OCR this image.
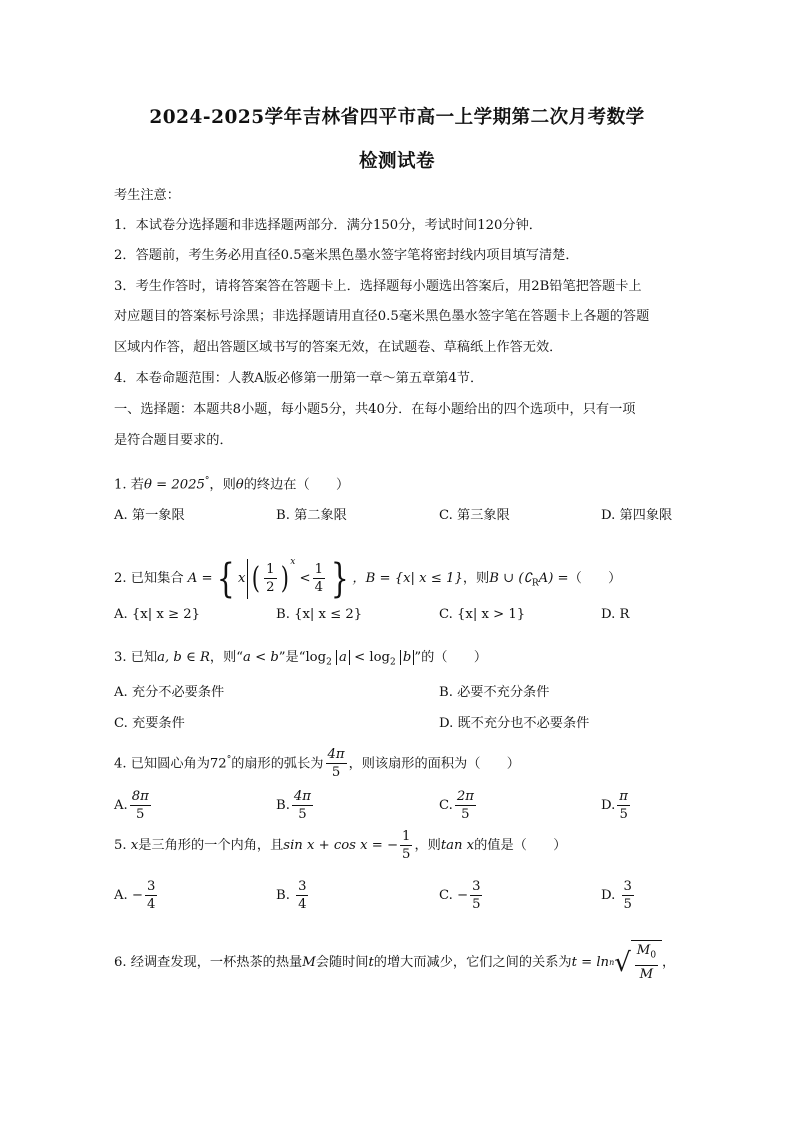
2024-2025学年吉林省四平市高一上学期第二次月考数学
检测试卷
考生注意：
1．本试卷分选择题和非选择题两部分．满分150分，考试时间120分钟．
2．答题前，考生务必用直径0.5毫米黑色墨水签字笔将密封线内项目填写清楚．
3．考生作答时，请将答案答在答题卡上．选择题每小题选出答案后，用2B铅笔把答题卡上
对应题目的答案标号涂黑；非选择题请用直径0.5毫米黑色墨水签字笔在答题卡上各题的答题
区域内作答，超出答题区域书写的答案无效，在试题卷、草稿纸上作答无效．
4．本卷命题范围：人教A版必修第一册第一章～第五章第4节．
一、选择题：本题共8小题，每小题5分，共40分．在每小题给出的四个选项中，只有一项
是符合题目要求的．
1. 若θ = 2025°，则θ的终边在（　　）
A. 第一象限	B. 第二象限	C. 第三象限	D. 第四象限
2. 已知集合 A ={ x ( $\frac{1}{2}$ ) $^x < \frac{1}{4}$ } ，B = {x| x ≤ 1}，则B ∪ $(∁_RA)$ =（　　）
A. {x| x ≥ 2}	B. {x| x ≤ 2}	C. {x| x > 1}	D. R
3. 已知a, b ∈ R，则“a < b”是“$\log_2$ $a < \log_2 b$ ”的（　　）
A. 充分不必要条件	B. 必要不充分条件
C. 充要条件	D. 既不充分也不必要条件
4. 已知圆心角为72°的扇形的弧长为 $\frac{4\pi}{5}$ ，则该扇形的面积为（　　）
A. $\frac{8\pi}{5}$	B. $\frac{4\pi}{5}$	C. $\frac{2\pi}{5}$	D. $\frac{\pi}{5}$
5. x是三角形的一个内角，且sin x + cos x = − $\frac{1}{5}$ ，则tan x的值是（　　）
A. − $\frac{3}{4}$	B. $\frac{3}{4}$	C. − $\frac{3}{5}$	D. $\frac{3}{5}$
6. 经调查发现，一杯热茶的热量M会随时间t的增大而减少，它们之间的关系为t = ln n √ $\frac{M_0}{M}$ ，
